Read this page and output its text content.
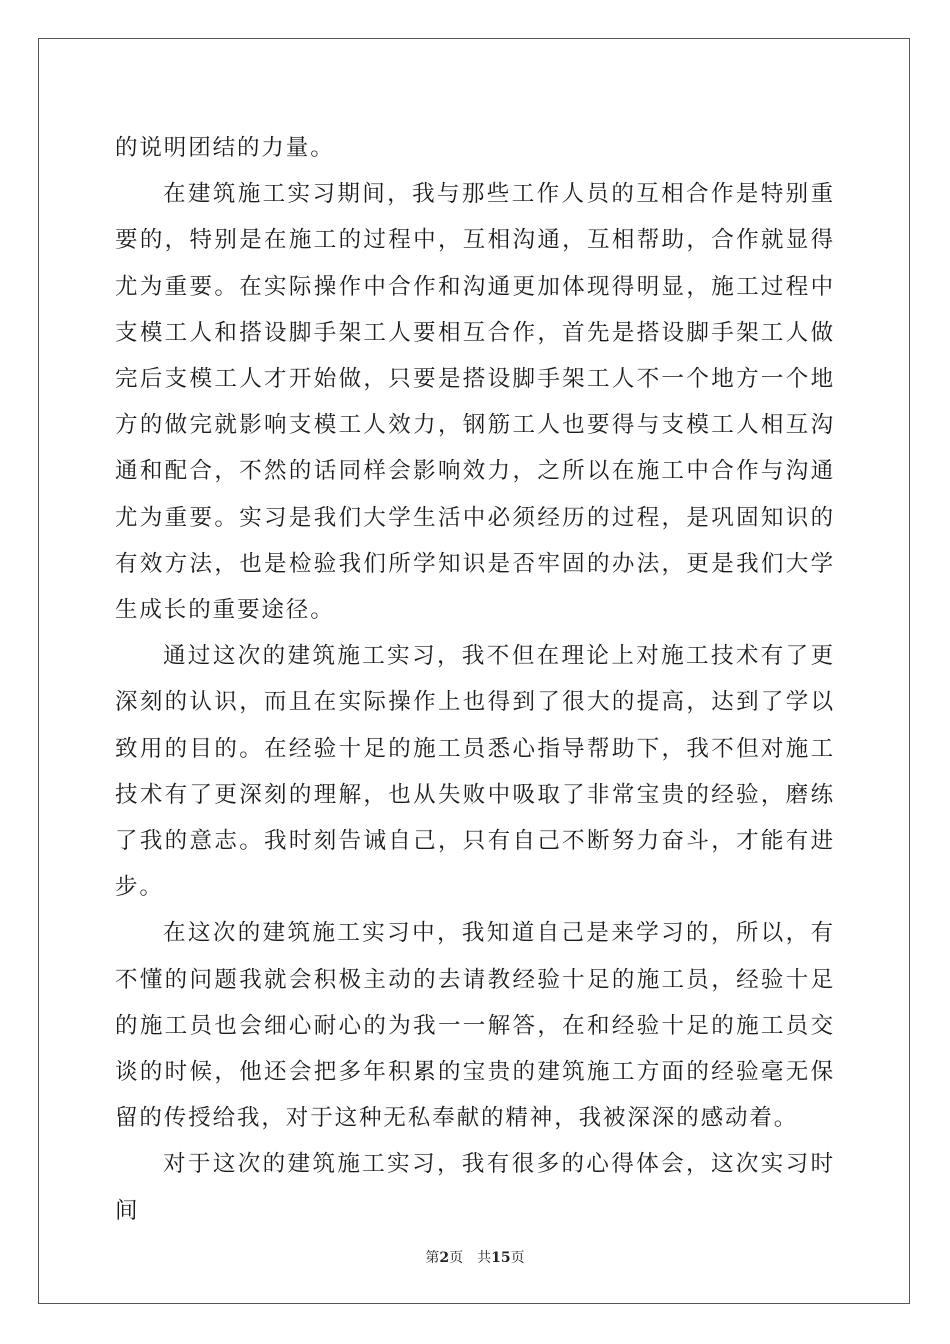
的说明团结的力量。

在建筑施工实习期间，我与那些工作人员的互相合作是特别重要的，特别是在施工的过程中，互相沟通，互相帮助，合作就显得尤为重要。在实际操作中合作和沟通更加体现得明显，施工过程中支模工人和搭设脚手架工人要相互合作，首先是搭设脚手架工人做完后支模工人才开始做，只要是搭设脚手架工人不一个地方一个地方的做完就影响支模工人效力，钢筋工人也要得与支模工人相互沟通和配合，不然的话同样会影响效力，之所以在施工中合作与沟通尤为重要。实习是我们大学生活中必须经历的过程，是巩固知识的有效方法，也是检验我们所学知识是否牢固的办法，更是我们大学生成长的重要途径。

通过这次的建筑施工实习，我不但在理论上对施工技术有了更深刻的认识，而且在实际操作上也得到了很大的提高，达到了学以致用的目的。在经验十足的施工员悉心指导帮助下，我不但对施工技术有了更深刻的理解，也从失败中吸取了非常宝贵的经验，磨练了我的意志。我时刻告诫自己，只有自己不断努力奋斗，才能有进步。

在这次的建筑施工实习中，我知道自己是来学习的，所以，有不懂的问题我就会积极主动的去请教经验十足的施工员，经验十足的施工员也会细心耐心的为我一一解答，在和经验十足的施工员交谈的时候，他还会把多年积累的宝贵的建筑施工方面的经验毫无保留的传授给我，对于这种无私奉献的精神，我被深深的感动着。

对于这次的建筑施工实习，我有很多的心得体会，这次实习时间

第2页 共15页
